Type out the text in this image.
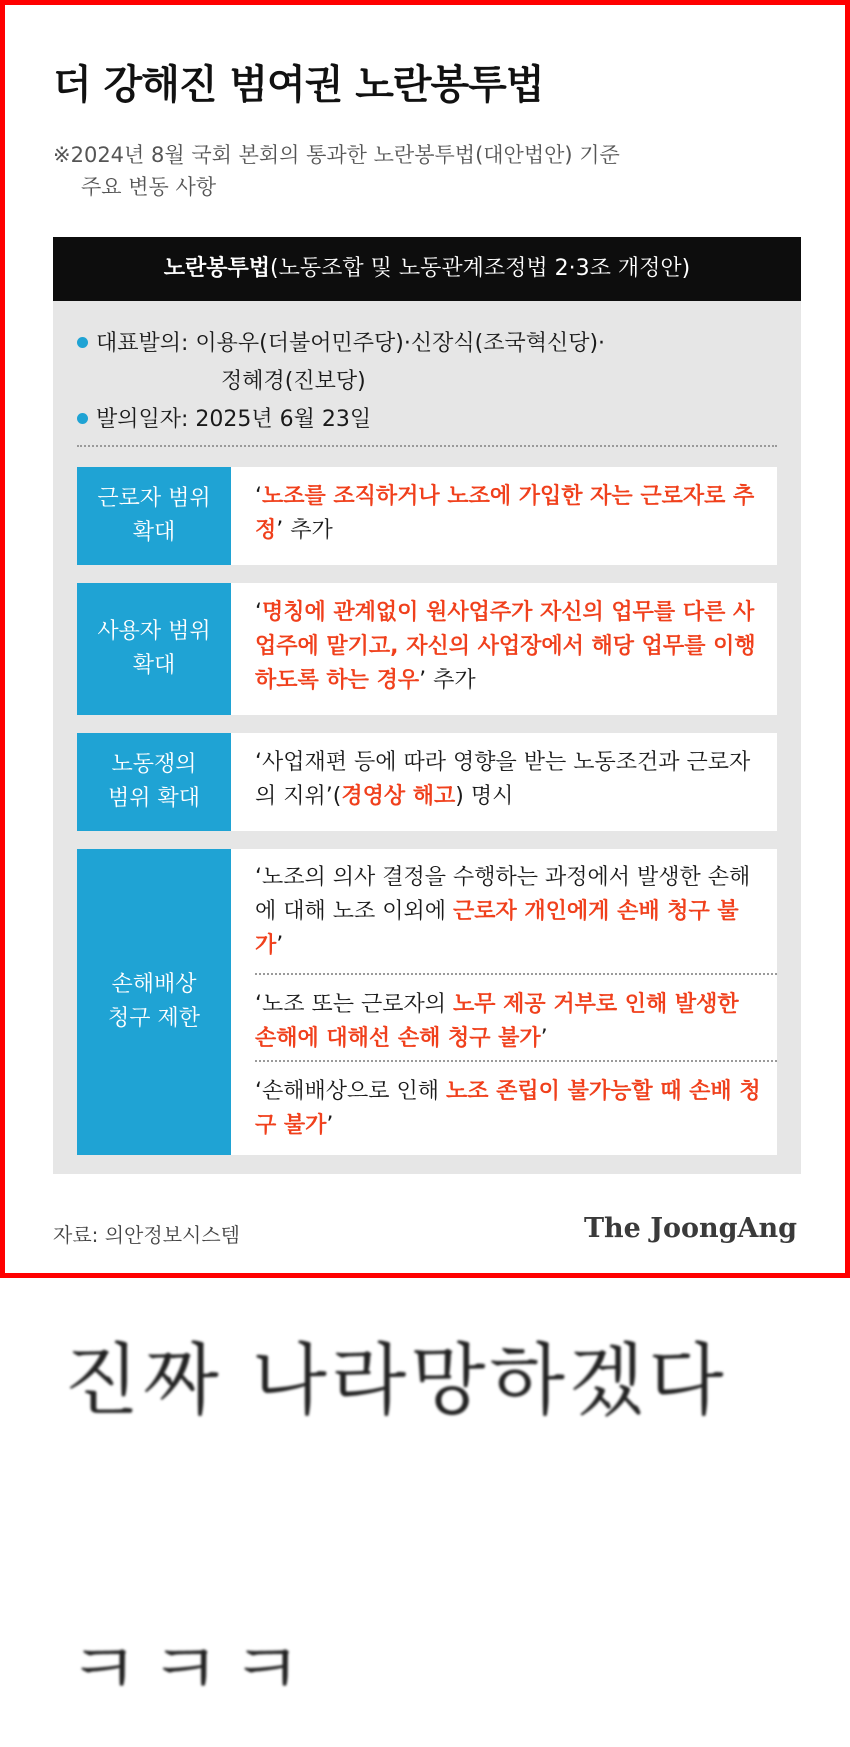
더 강해진 범여권 노란봉투법
※2024년 8월 국회 본회의 통과한 노란봉투법(대안법안) 기준
주요 변동 사항
노란봉투법(노동조합 및 노동관계조정법 2·3조 개정안)
대표발의: 이용우(더불어민주당)·신장식(조국혁신당)·
정혜경(진보당)
발의일자: 2025년 6월 23일
근로자 범위
확대
‘노조를 조직하거나 노조에 가입한 자는 근로자로 추정’ 추가
사용자 범위
확대
‘명칭에 관계없이 원사업주가 자신의 업무를 다른 사업주에 맡기고, 자신의 사업장에서 해당 업무를 이행하도록 하는 경우’ 추가
노동쟁의
범위 확대
‘사업재편 등에 따라 영향을 받는 노동조건과 근로자의 지위’(경영상 해고) 명시
손해배상
청구 제한
‘노조의 의사 결정을 수행하는 과정에서 발생한 손해에 대해 노조 이외에 근로자 개인에게 손배 청구 불가’
‘노조 또는 근로자의 노무 제공 거부로 인해 발생한 손해에 대해선 손해 청구 불가’
‘손해배상으로 인해 노조 존립이 불가능할 때 손배 청구 불가’
자료: 의안정보시스템	The JoongAng
진짜 나라망하겠다
ㅋㅋㅋ
